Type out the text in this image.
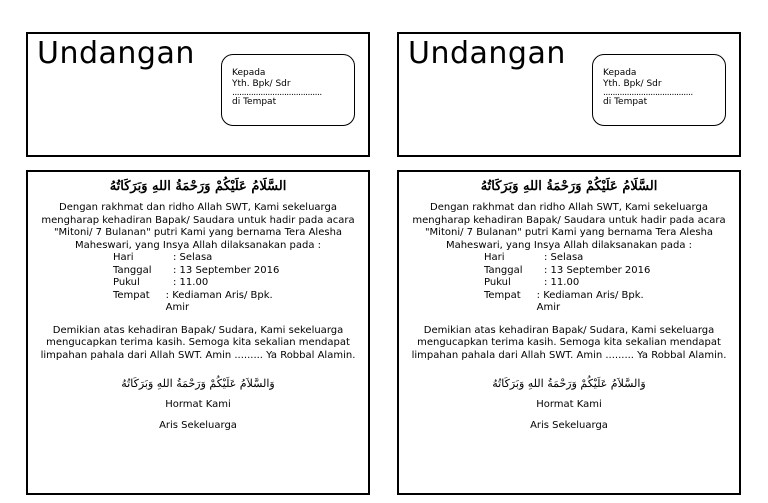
Undangan
Kepada
Yth. Bpk/ Sdr
......................................
di Tempat
Undangan
Kepada
Yth. Bpk/ Sdr
......................................
di Tempat
السَّلَامُ عَلَيْكُمْ وَرَحْمَةُ اللهِ وَبَرَكَاتُهُ
Dengan rakhmat dan ridho Allah SWT, Kami sekeluarga
mengharap kehadiran Bapak/ Saudara untuk hadir pada acara
"Mitoni/ 7 Bulanan" putri Kami yang bernama Tera Alesha
Maheswari, yang Insya Allah dilaksanakan pada :
Hari	: Selasa
Tanggal	: 13 September 2016
Pukul	: 11.00
Tempat	: Kediaman Aris/ Bpk. Amir
Demikian atas kehadiran Bapak/ Sudara, Kami sekeluarga
mengucapkan terima kasih. Semoga kita sekalian mendapat
limpahan pahala dari Allah SWT. Amin ......... Ya Robbal Alamin.
وَالسَّلاَمُ عَلَيْكُمْ وَرَحْمَةُ اللهِ وَبَرَكَاتُهُ
Hormat Kami
Aris Sekeluarga
السَّلَامُ عَلَيْكُمْ وَرَحْمَةُ اللهِ وَبَرَكَاتُهُ
Dengan rakhmat dan ridho Allah SWT, Kami sekeluarga
mengharap kehadiran Bapak/ Saudara untuk hadir pada acara
"Mitoni/ 7 Bulanan" putri Kami yang bernama Tera Alesha
Maheswari, yang Insya Allah dilaksanakan pada :
Hari	: Selasa
Tanggal	: 13 September 2016
Pukul	: 11.00
Tempat	: Kediaman Aris/ Bpk. Amir
Demikian atas kehadiran Bapak/ Sudara, Kami sekeluarga
mengucapkan terima kasih. Semoga kita sekalian mendapat
limpahan pahala dari Allah SWT. Amin ......... Ya Robbal Alamin.
وَالسَّلاَمُ عَلَيْكُمْ وَرَحْمَةُ اللهِ وَبَرَكَاتُهُ
Hormat Kami
Aris Sekeluarga
